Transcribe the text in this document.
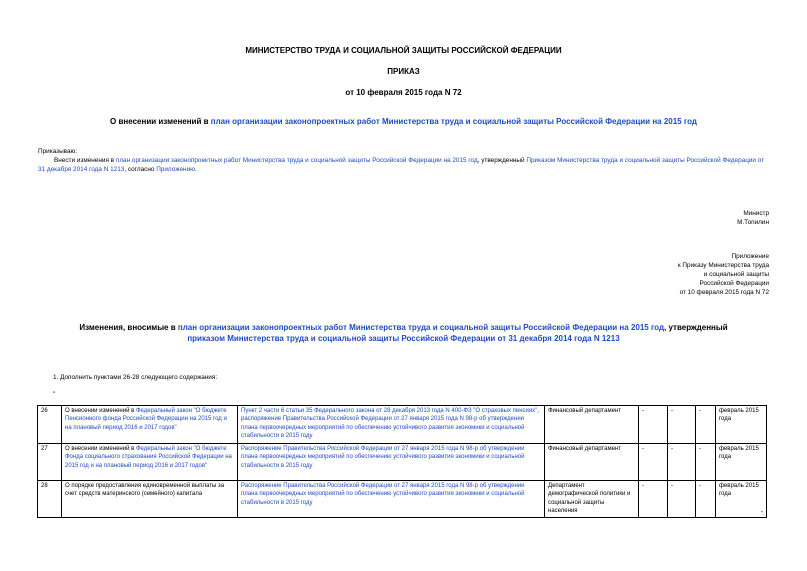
МИНИСТЕРСТВО ТРУДА И СОЦИАЛЬНОЙ ЗАЩИТЫ РОССИЙСКОЙ ФЕДЕРАЦИИ
ПРИКАЗ
от 10 февраля 2015 года N 72
О внесении изменений в план организации законопроектных работ Министерства труда и социальной защиты Российской Федерации на 2015 год
Приказываю:
Внести изменения в план организации законопроектных работ Министерства труда и социальной защиты Российской Федерации на 2015 год, утвержденный Приказом Министерства труда и социальной защиты Российской Федерации от 31 декабря 2014 года N 1213, согласно Приложению.
Министр
М.Топилин
Приложение
к Приказу Министерства труда
и социальной защиты
Российской Федерации
от 10 февраля 2015 года N 72
Изменения, вносимые в план организации законопроектных работ Министерства труда и социальной защиты Российской Федерации на 2015 год, утвержденный
приказом Министерства труда и социальной защиты Российской Федерации от 31 декабря 2014 года N 1213
1. Дополнить пунктами 26-28 следующего содержания:
"
26	О внесении изменений в Федеральный закон "О бюджете Пенсионного фонда Российской Федерации на 2015 год и на плановый период 2016 и 2017 годов"	Пункт 2 части 6 статьи 35 Федерального закона от 28 декабря 2013 года N 400-ФЗ "О страховых пенсиях", распоряжение Правительства Российской Федерации от 27 января 2015 года N 98-р об утверждении плана первоочередных мероприятий по обеспечению устойчивого развития экономики и социальной стабильности в 2015 году	Финансовый департамент	-	-	-	февраль 2015 года
27	О внесении изменений в Федеральный закон "О бюджете Фонда социального страхования Российской Федерации на 2015 год и на плановый период 2016 и 2017 годов"	Распоряжение Правительства Российской Федерации от 27 января 2015 года N 98-р об утверждении плана первоочередных мероприятий по обеспечению устойчивого развития экономики и социальной стабильности в 2015 году	Финансовый департамент	-	-	-	февраль 2015 года
28	О порядке предоставления единовременной выплаты за счет средств материнского (семейного) капитала	Распоряжение Правительства Российской Федерации от 27 января 2015 года N 98-р об утверждении плана первоочередных мероприятий по обеспечению устойчивого развития экономики и социальной стабильности в 2015 году	Департамент демографической политики и социальной защиты населения	-	-	-	февраль 2015 года
".
